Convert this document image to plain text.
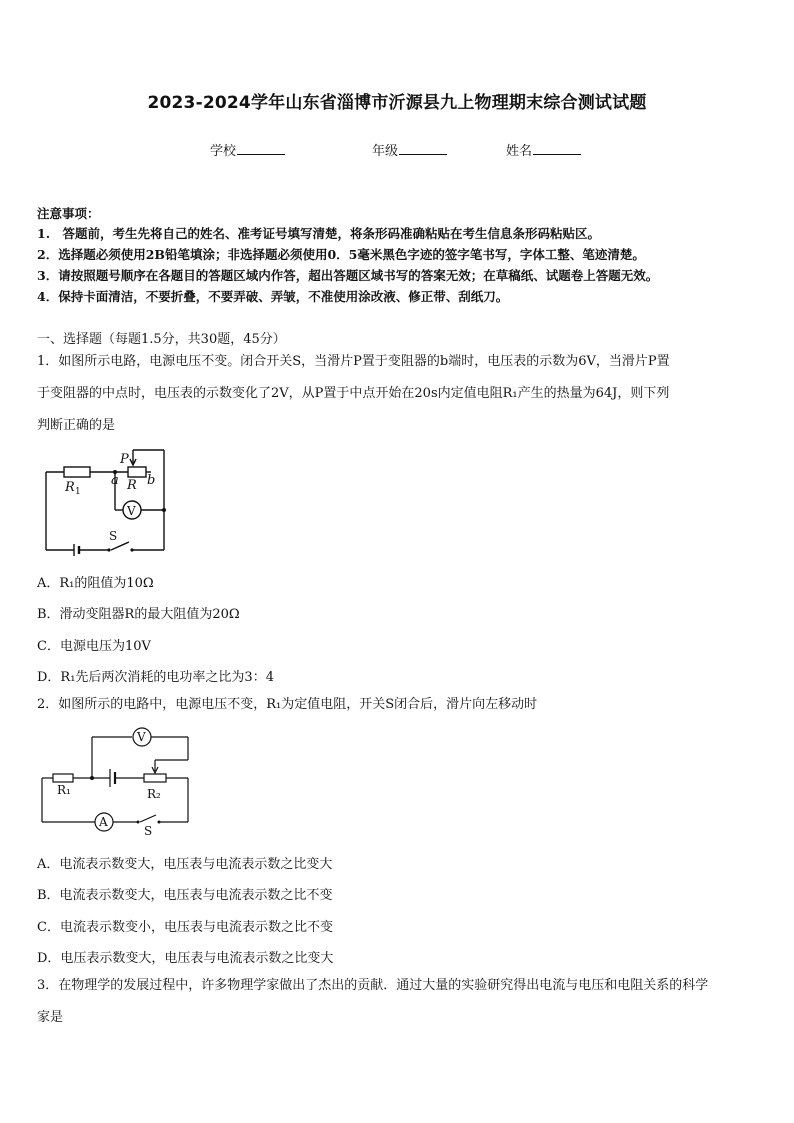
2023-2024学年山东省淄博市沂源县九上物理期末综合测试试题
学校	年级	姓名
注意事项：
1.　答题前，考生先将自己的姓名、准考证号填写清楚，将条形码准确粘贴在考生信息条形码粘贴区。
2．选择题必须使用2B铅笔填涂；非选择题必须使用0．5毫米黑色字迹的签字笔书写，字体工整、笔迹清楚。
3．请按照题号顺序在各题目的答题区域内作答，超出答题区域书写的答案无效；在草稿纸、试题卷上答题无效。
4．保持卡面清洁，不要折叠，不要弄破、弄皱，不准使用涂改液、修正带、刮纸刀。
一、选择题（每题1.5分，共30题，45分）
1．如图所示电路，电源电压不变。闭合开关S，当滑片P置于变阻器的b端时，电压表的示数为6V，当滑片P置
于变阻器的中点时，电压表的示数变化了2V，从P置于中点开始在20s内定值电阻R₁产生的热量为64J，则下列
判断正确的是
R 1
P
a R b
V
S
A．R₁的阻值为10Ω
B．滑动变阻器R的最大阻值为20Ω
C．电源电压为10V
D．R₁先后两次消耗的电功率之比为3：4
2．如图所示的电路中，电源电压不变，R₁为定值电阻，开关S闭合后，滑片向左移动时
V
R₁	R₂
A
S
A．电流表示数变大，电压表与电流表示数之比变大
B．电流表示数变大，电压表与电流表示数之比不变
C．电流表示数变小，电压表与电流表示数之比不变
D．电压表示数变大，电压表与电流表示数之比变大
3．在物理学的发展过程中，许多物理学家做出了杰出的贡献．通过大量的实验研究得出电流与电压和电阻关系的科学
家是
